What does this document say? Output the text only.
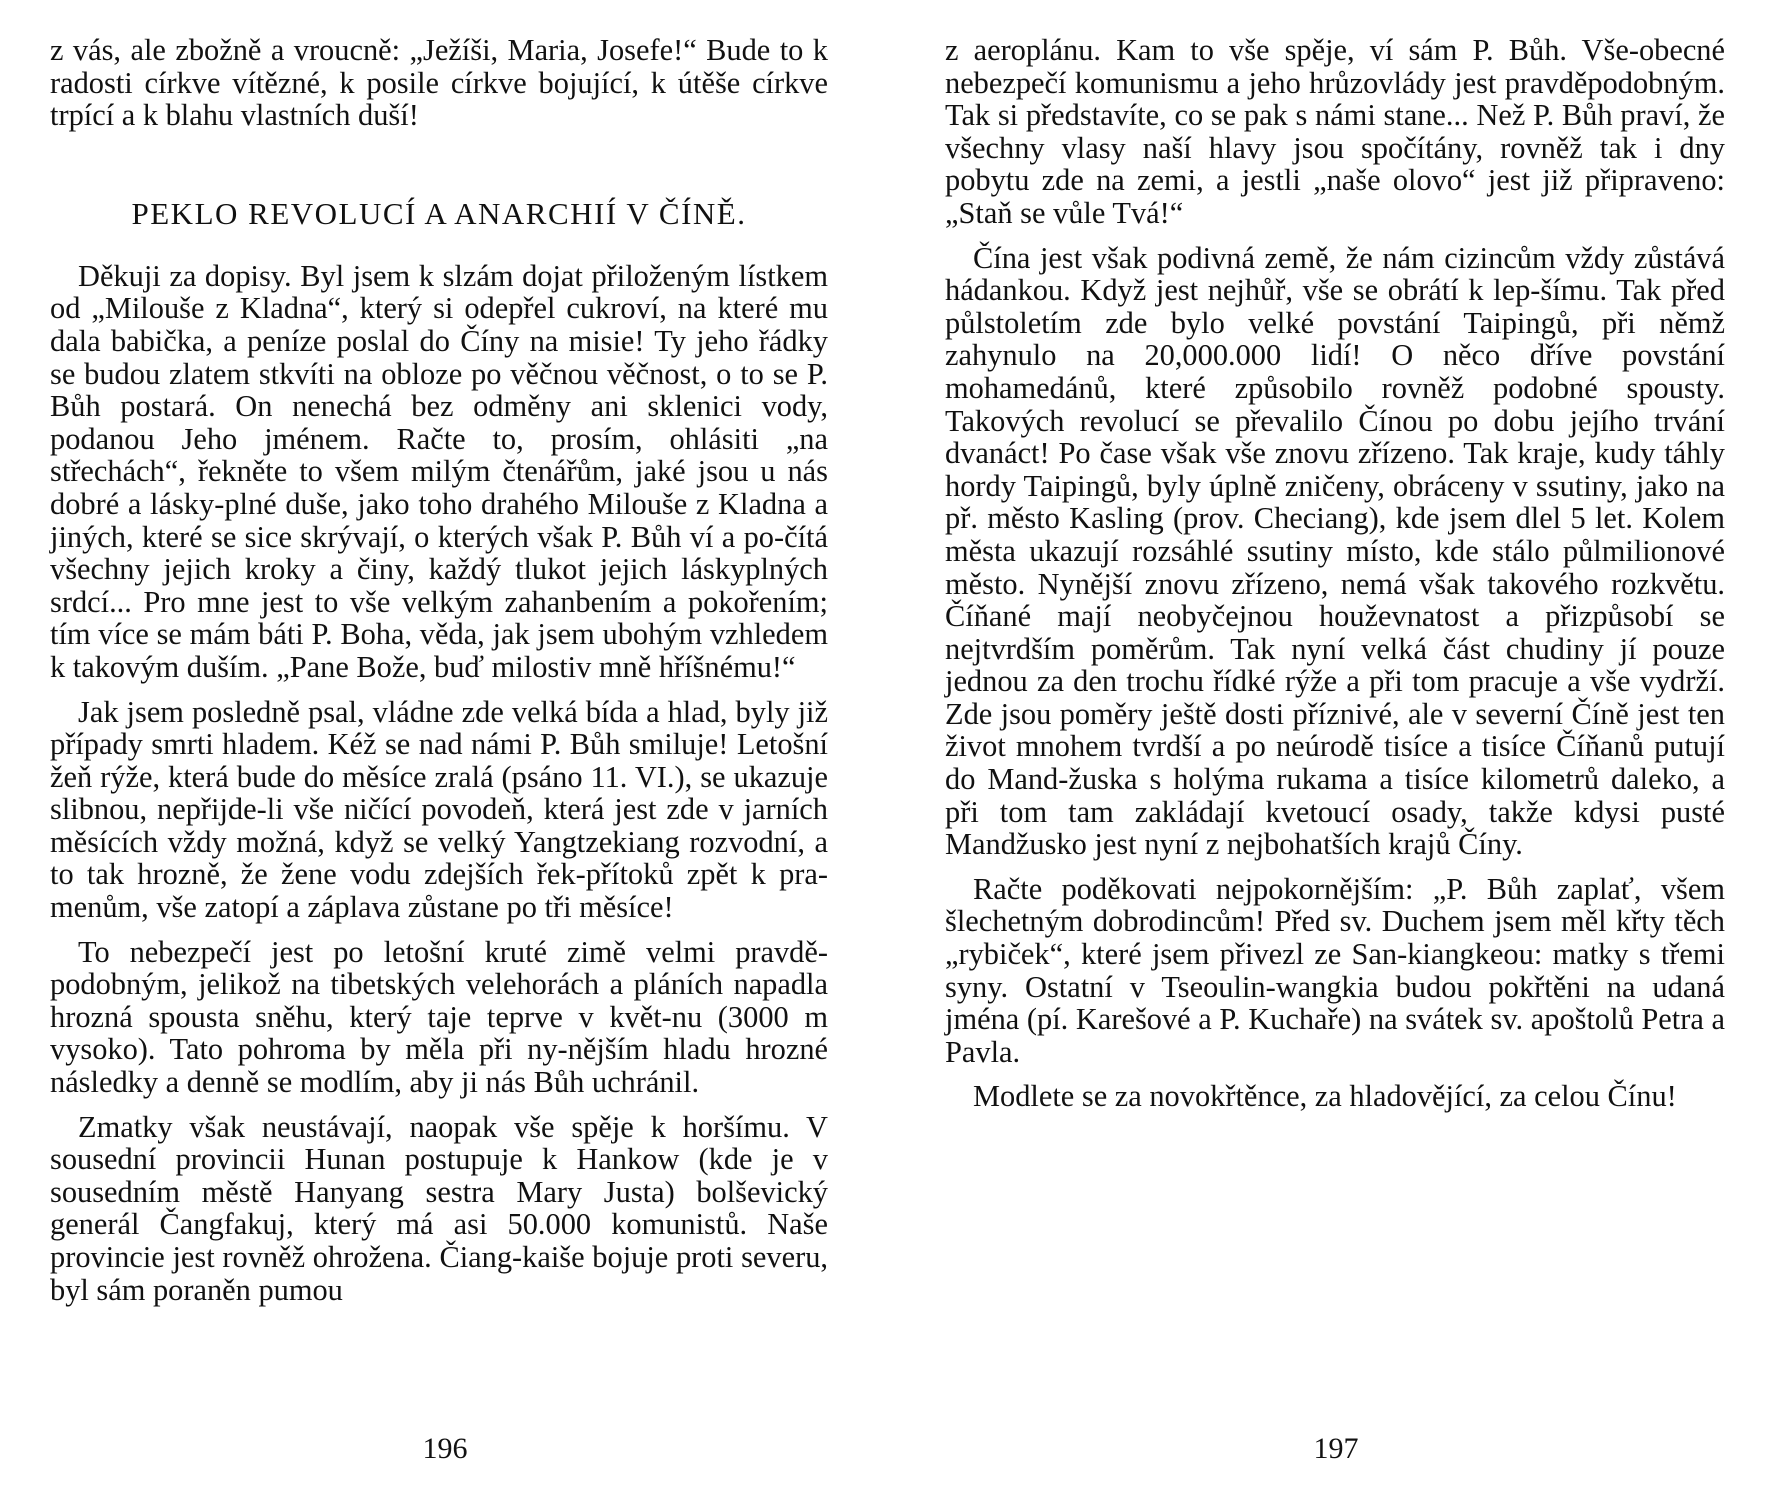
z vás, ale zbožně a vroucně: „Ježíši, Maria, Josefe!“ Bude to k radosti církve vítězné, k posile církve bojující, k útěše církve trpící a k blahu vlastních duší!

PEKLO REVOLUCÍ A ANARCHIÍ V ČÍNĚ.

Děkuji za dopisy. Byl jsem k slzám dojat přiloženým lístkem od „Milouše z Kladna“, který si odepřel cukroví, na které mu dala babička, a peníze poslal do Číny na misie! Ty jeho řádky se budou zlatem stkvíti na obloze po věčnou věčnost, o to se P. Bůh postará. On nenechá bez odměny ani sklenici vody, podanou Jeho jménem. Račte to, prosím, ohlásiti „na střechách“, řekněte to všem milým čtenářům, jaké jsou u nás dobré a lásky-plné duše, jako toho drahého Milouše z Kladna a jiných, které se sice skrývají, o kterých však P. Bůh ví a po-čítá všechny jejich kroky a činy, každý tlukot jejich láskyplných srdcí... Pro mne jest to vše velkým zahanbením a pokořením; tím více se mám báti P. Boha, věda, jak jsem ubohým vzhledem k takovým duším. „Pane Bože, buď milostiv mně hříšnému!“

Jak jsem posledně psal, vládne zde velká bída a hlad, byly již případy smrti hladem. Kéž se nad námi P. Bůh smiluje! Letošní žeň rýže, která bude do měsíce zralá (psáno 11. VI.), se ukazuje slibnou, nepřijde-li vše ničící povodeň, která jest zde v jarních měsících vždy možná, když se velký Yangtzekiang rozvodní, a to tak hrozně, že žene vodu zdejších řek-přítoků zpět k pra-menům, vše zatopí a záplava zůstane po tři měsíce!

To nebezpečí jest po letošní kruté zimě velmi pravdě-podobným, jelikož na tibetských velehorách a pláních napadla hrozná spousta sněhu, který taje teprve v květ-nu (3000 m vysoko). Tato pohroma by měla při ny-nějším hladu hrozné následky a denně se modlím, aby ji nás Bůh uchránil.

Zmatky však neustávají, naopak vše spěje k horšímu. V sousední provincii Hunan postupuje k Hankow (kde je v sousedním městě Hanyang sestra Mary Justa) bolševický generál Čangfakuj, který má asi 50.000 komunistů. Naše provincie jest rovněž ohrožena. Čiang-kaiše bojuje proti severu, byl sám poraněn pumou

196

z aeroplánu. Kam to vše spěje, ví sám P. Bůh. Vše-obecné nebezpečí komunismu a jeho hrůzovlády jest pravděpodobným. Tak si představíte, co se pak s námi stane... Než P. Bůh praví, že všechny vlasy naší hlavy jsou spočítány, rovněž tak i dny pobytu zde na zemi, a jestli „naše olovo“ jest již připraveno: „Staň se vůle Tvá!“

Čína jest však podivná země, že nám cizincům vždy zůstává hádankou. Když jest nejhůř, vše se obrátí k lep-šímu. Tak před půlstoletím zde bylo velké povstání Taipingů, při němž zahynulo na 20,000.000 lidí! O něco dříve povstání mohamedánů, které způsobilo rovněž podobné spousty. Takových revolucí se převalilo Čínou po dobu jejího trvání dvanáct! Po čase však vše znovu zřízeno. Tak kraje, kudy táhly hordy Taipingů, byly úplně zničeny, obráceny v ssutiny, jako na př. město Kasling (prov. Checiang), kde jsem dlel 5 let. Kolem města ukazují rozsáhlé ssutiny místo, kde stálo půlmilionové město. Nynější znovu zřízeno, nemá však takového rozkvětu. Číňané mají neobyčejnou houževnatost a přizpůsobí se nejtvrdším poměrům. Tak nyní velká část chudiny jí pouze jednou za den trochu řídké rýže a při tom pracuje a vše vydrží. Zde jsou poměry ještě dosti příznivé, ale v severní Číně jest ten život mnohem tvrdší a po neúrodě tisíce a tisíce Číňanů putují do Mand-žuska s holýma rukama a tisíce kilometrů daleko, a při tom tam zakládají kvetoucí osady, takže kdysi pusté Mandžusko jest nyní z nejbohatších krajů Číny.

Račte poděkovati nejpokornějším: „P. Bůh zaplať, všem šlechetným dobrodincům! Před sv. Duchem jsem měl křty těch „rybiček“, které jsem přivezl ze San-kiangkeou: matky s třemi syny. Ostatní v Tseoulin-wangkia budou pokřtěni na udaná jména (pí. Karešové a P. Kuchaře) na svátek sv. apoštolů Petra a Pavla.

Modlete se za novokřtěnce, za hladovějící, za celou Čínu!

197
